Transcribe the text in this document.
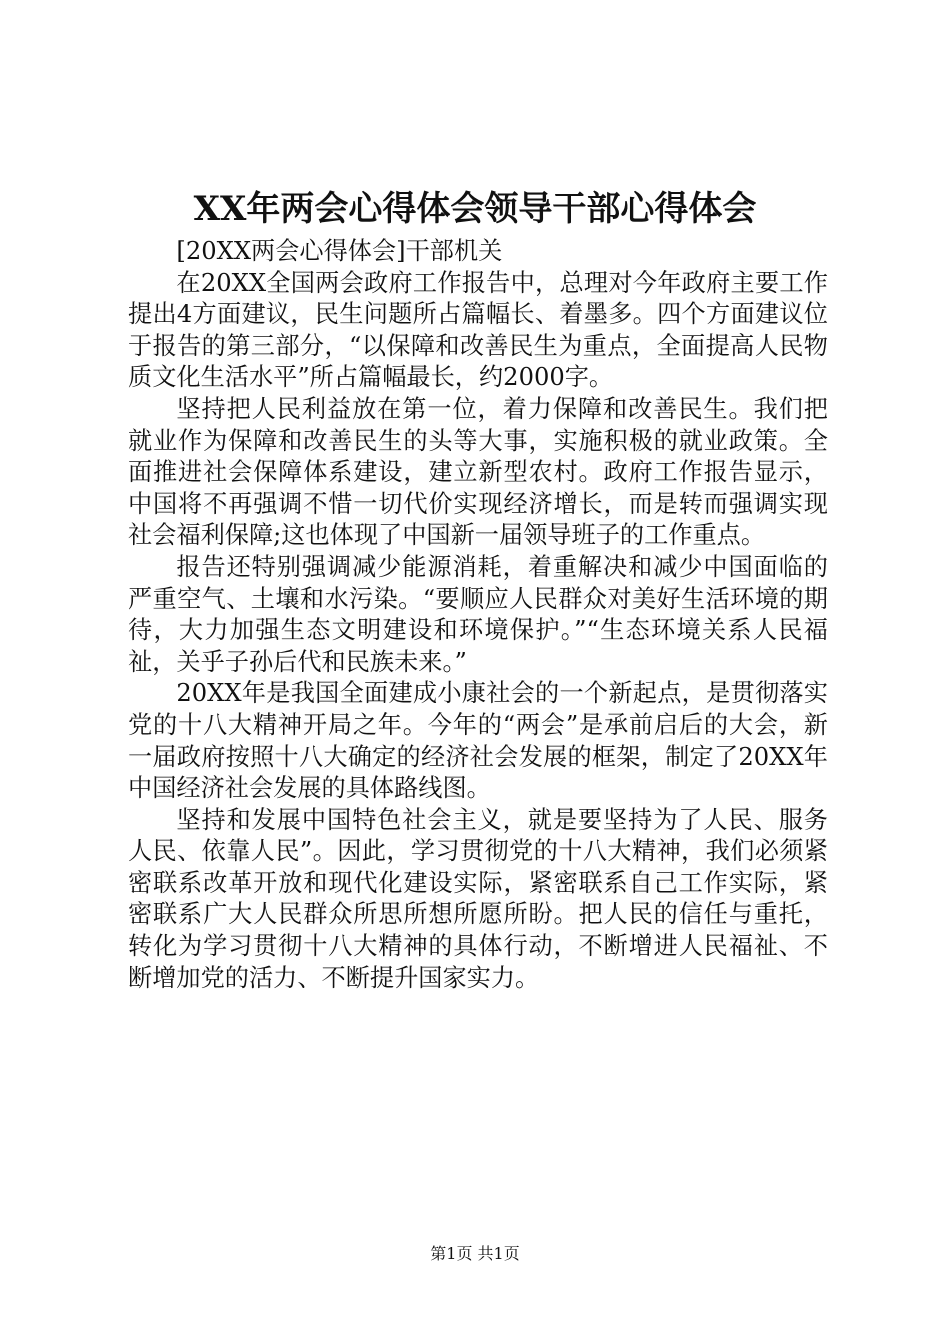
XX年两会心得体会领导干部心得体会

[20XX两会心得体会]干部机关

在20XX全国两会政府工作报告中，总理对今年政府主要工作提出4方面建议，民生问题所占篇幅长、着墨多。四个方面建议位于报告的第三部分，“以保障和改善民生为重点，全面提高人民物质文化生活水平”所占篇幅最长，约2000字。

坚持把人民利益放在第一位，着力保障和改善民生。我们把就业作为保障和改善民生的头等大事，实施积极的就业政策。全面推进社会保障体系建设，建立新型农村。政府工作报告显示，中国将不再强调不惜一切代价实现经济增长，而是转而强调实现社会福利保障;这也体现了中国新一届领导班子的工作重点。

报告还特别强调减少能源消耗，着重解决和减少中国面临的严重空气、土壤和水污染。“要顺应人民群众对美好生活环境的期待，大力加强生态文明建设和环境保护。”“生态环境关系人民福祉，关乎子孙后代和民族未来。”

20XX年是我国全面建成小康社会的一个新起点，是贯彻落实党的十八大精神开局之年。今年的“两会”是承前启后的大会，新一届政府按照十八大确定的经济社会发展的框架，制定了20XX年中国经济社会发展的具体路线图。

坚持和发展中国特色社会主义，就是要坚持为了人民、服务人民、依靠人民”。因此，学习贯彻党的十八大精神，我们必须紧密联系改革开放和现代化建设实际，紧密联系自己工作实际，紧密联系广大人民群众所思所想所愿所盼。把人民的信任与重托，转化为学习贯彻十八大精神的具体行动，不断增进人民福祉、不断增加党的活力、不断提升国家实力。

第1页 共1页
